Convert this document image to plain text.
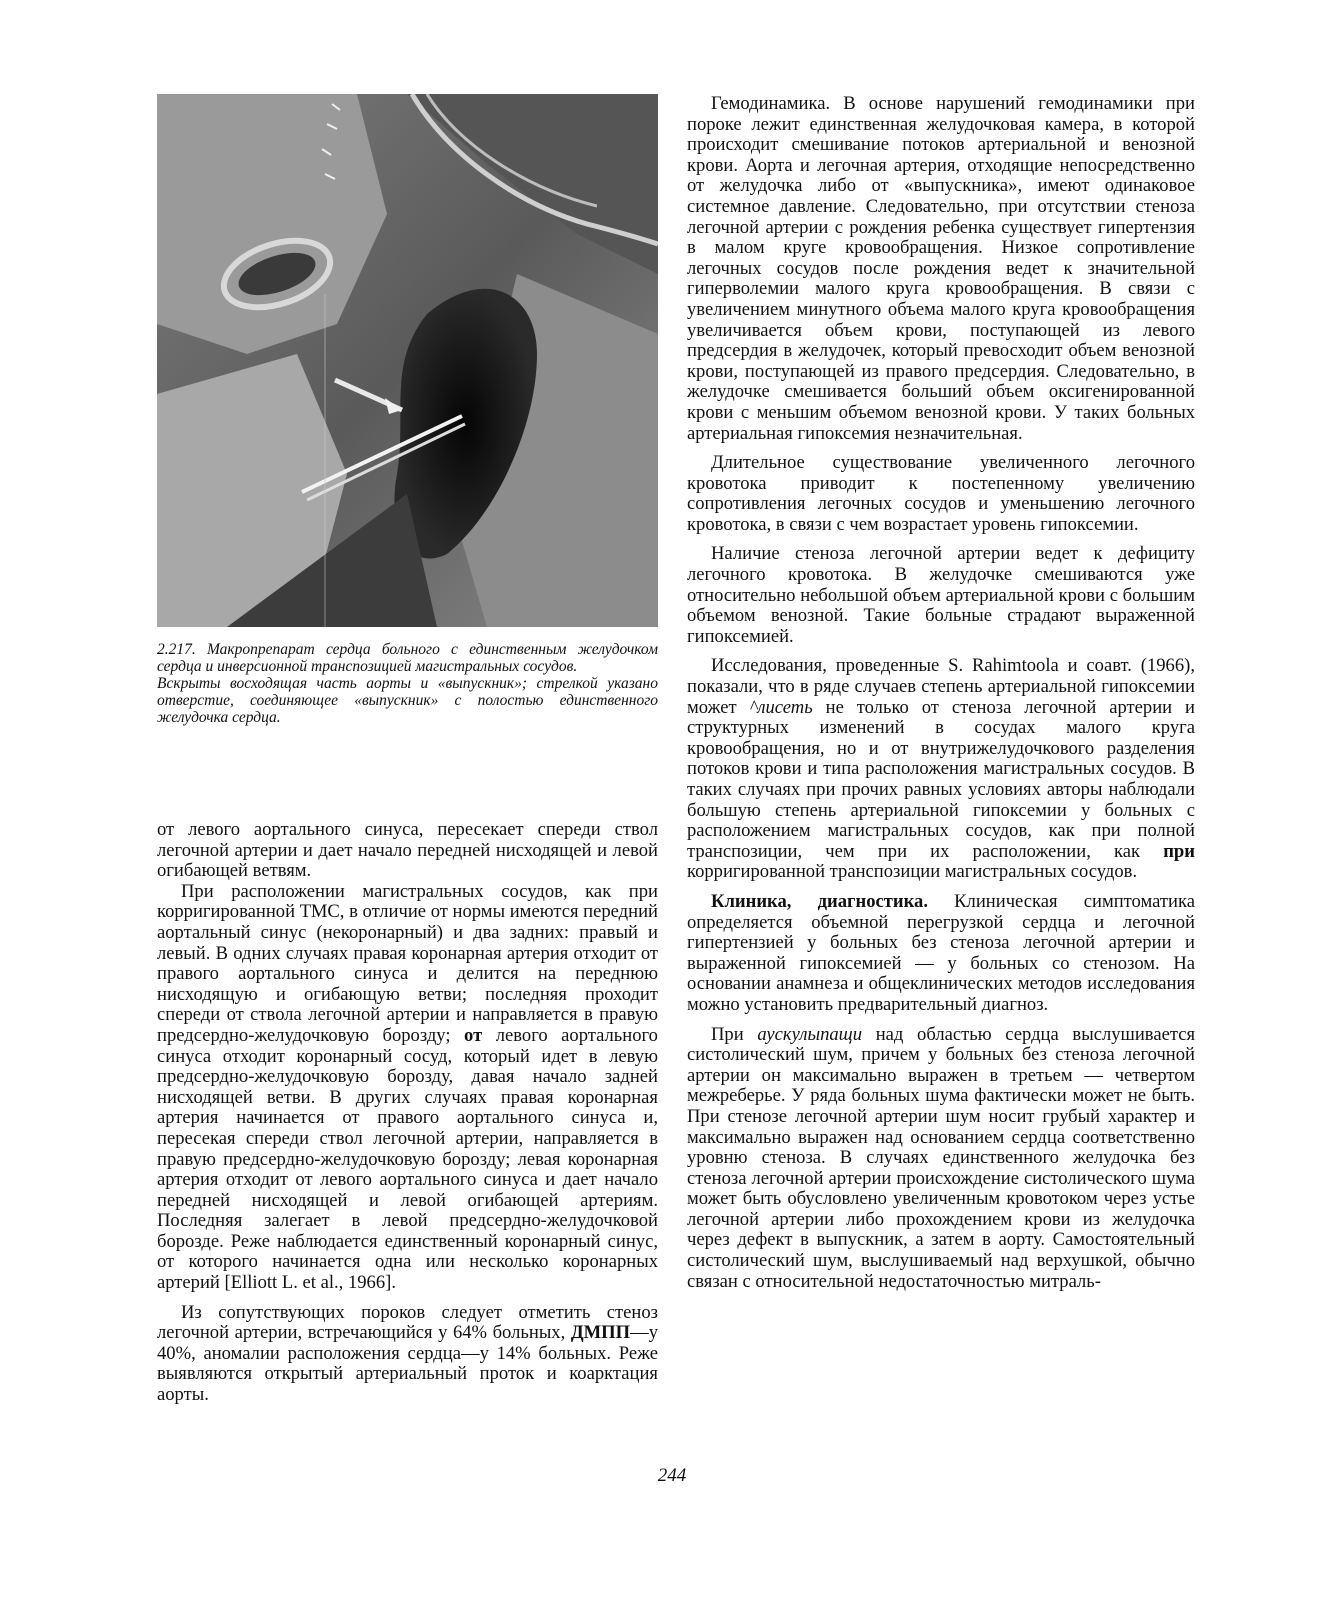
2.217. Макропрепарат сердца больного с единственным желудочком сердца и инверсионной транспозицией магистральных сосудов.

Вскрыты восходящая часть аорты и «выпускник»; стрелкой указано отверстие, соединяющее «выпускник» с полостью единственного желудочка сердца.

от левого аортального синуса, пересекает спереди ствол легочной артерии и дает начало передней нисходящей и левой огибающей ветвям.

При расположении магистральных сосудов, как при корригированной ТМС, в отличие от нормы имеются передний аортальный синус (некоронарный) и два задних: правый и левый. В одних случаях правая коронарная артерия отходит от правого аортального синуса и делится на переднюю нисходящую и огибающую ветви; последняя проходит спереди от ствола легочной артерии и направляется в правую предсердно-желудочковую борозду; от левого аортального синуса отходит коронарный сосуд, который идет в левую предсердно-желудочковую борозду, давая начало задней нисходящей ветви. В других случаях правая коронарная артерия начинается от правого аортального синуса и, пересекая спереди ствол легочной артерии, направляется в правую предсердно-желудочковую борозду; левая коронарная артерия отходит от левого аортального синуса и дает начало передней нисходящей и левой огибающей артериям. Последняя залегает в левой предсердно-желудочковой борозде. Реже наблюдается единственный коронарный синус, от которого начинается одна или несколько коронарных артерий [Elliott L. et al., 1966].

Из сопутствующих пороков следует отметить стеноз легочной артерии, встречающийся у 64% больных, ДМПП—у 40%, аномалии расположения сердца—у 14% больных. Реже выявляются открытый артериальный проток и коарктация аорты.

Гемодинамика. В основе нарушений гемодинамики при пороке лежит единственная желудочковая камера, в которой происходит смешивание потоков артериальной и венозной крови. Аорта и легочная артерия, отходящие непосредственно от желудочка либо от «выпускника», имеют одинаковое системное давление. Следовательно, при отсутствии стеноза легочной артерии с рождения ребенка существует гипертензия в малом круге кровообращения. Низкое сопротивление легочных сосудов после рождения ведет к значительной гиперволемии малого круга кровообращения. В связи с увеличением минутного объема малого круга кровообращения увеличивается объем крови, поступающей из левого предсердия в желудочек, который превосходит объем венозной крови, поступающей из правого предсердия. Следовательно, в желудочке смешивается больший объем оксигенированной крови с меньшим объемом венозной крови. У таких больных артериальная гипоксемия незначительная.

Длительное существование увеличенного легочного кровотока приводит к постепенному увеличению сопротивления легочных сосудов и уменьшению легочного кровотока, в связи с чем возрастает уровень гипоксемии.

Наличие стеноза легочной артерии ведет к дефициту легочного кровотока. В желудочке смешиваются уже относительно небольшой объем артериальной крови с большим объемом венозной. Такие больные страдают выраженной гипоксемией.

Исследования, проведенные S. Rahimtoola и соавт. (1966), показали, что в ряде случаев степень артериальной гипоксемии может ^лисеть не только от стеноза легочной артерии и структурных изменений в сосудах малого круга кровообращения, но и от внутрижелудочкового разделения потоков крови и типа расположения магистральных сосудов. В таких случаях при прочих равных условиях авторы наблюдали большую степень артериальной гипоксемии у больных с расположением магистральных сосудов, как при полной транспозиции, чем при их расположении, как при корригированной транспозиции магистральных сосудов.

Клиника, диагностика. Клиническая симптоматика определяется объемной перегрузкой сердца и легочной гипертензией у больных без стеноза легочной артерии и выраженной гипоксемией — у больных со стенозом. На основании анамнеза и общеклинических методов исследования можно установить предварительный диагноз.

При аускулыпащи над областью сердца выслушивается систолический шум, причем у больных без стеноза легочной артерии он максимально выражен в третьем — четвертом межреберье. У ряда больных шума фактически может не быть. При стенозе легочной артерии шум носит грубый характер и максимально выражен над основанием сердца соответственно уровню стеноза. В случаях единственного желудочка без стеноза легочной артерии происхождение систолического шума может быть обусловлено увеличенным кровотоком через устье легочной артерии либо прохождением крови из желудочка через дефект в выпускник, а затем в аорту. Самостоятельный систолический шум, выслушиваемый над верхушкой, обычно связан с относительной недостаточностью митраль-

244
